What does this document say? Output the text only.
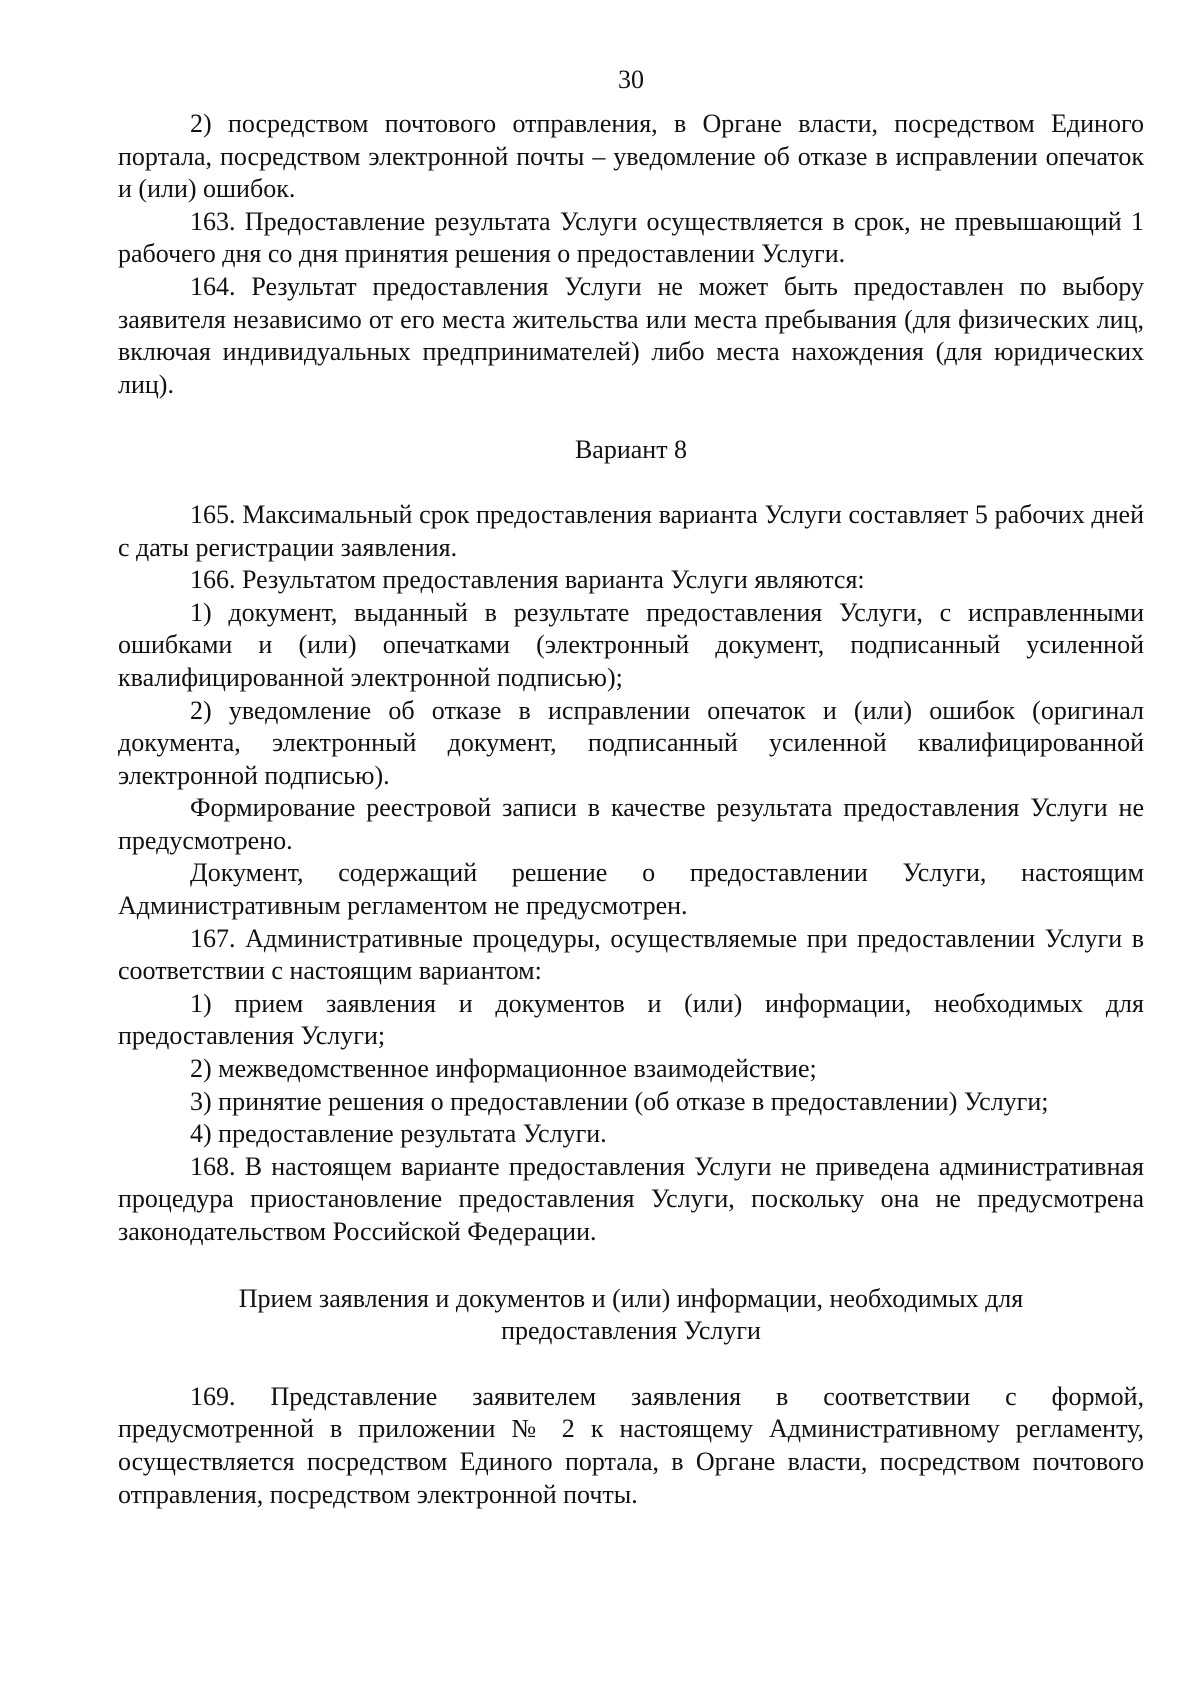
30

2) посредством почтового отправления, в Органе власти, посредством Единого портала, посредством электронной почты – уведомление об отказе в исправлении опечаток и (или) ошибок.

163. Предоставление результата Услуги осуществляется в срок, не превышающий 1 рабочего дня со дня принятия решения о предоставлении Услуги.

164. Результат предоставления Услуги не может быть предоставлен по выбору заявителя независимо от его места жительства или места пребывания (для физических лиц, включая индивидуальных предпринимателей) либо места нахождения (для юридических лиц).

Вариант 8

165. Максимальный срок предоставления варианта Услуги составляет 5 рабочих дней с даты регистрации заявления.

166. Результатом предоставления варианта Услуги являются:

1) документ, выданный в результате предоставления Услуги, с исправленными ошибками и (или) опечатками (электронный документ, подписанный усиленной квалифицированной электронной подписью);

2) уведомление об отказе в исправлении опечаток и (или) ошибок (оригинал документа, электронный документ, подписанный усиленной квалифицированной электронной подписью).

Формирование реестровой записи в качестве результата предоставления Услуги не предусмотрено.

Документ, содержащий решение о предоставлении Услуги, настоящим Административным регламентом не предусмотрен.

167. Административные процедуры, осуществляемые при предоставлении Услуги в соответствии с настоящим вариантом:

1) прием заявления и документов и (или) информации, необходимых для предоставления Услуги;

2) межведомственное информационное взаимодействие;

3) принятие решения о предоставлении (об отказе в предоставлении) Услуги;

4) предоставление результата Услуги.

168. В настоящем варианте предоставления Услуги не приведена административная процедура приостановление предоставления Услуги, поскольку она не предусмотрена законодательством Российской Федерации.

Прием заявления и документов и (или) информации, необходимых для
предоставления Услуги

169. Представление заявителем заявления в соответствии с формой, предусмотренной в приложении № 2 к настоящему Административному регламенту, осуществляется посредством Единого портала, в Органе власти, посредством почтового отправления, посредством электронной почты.
